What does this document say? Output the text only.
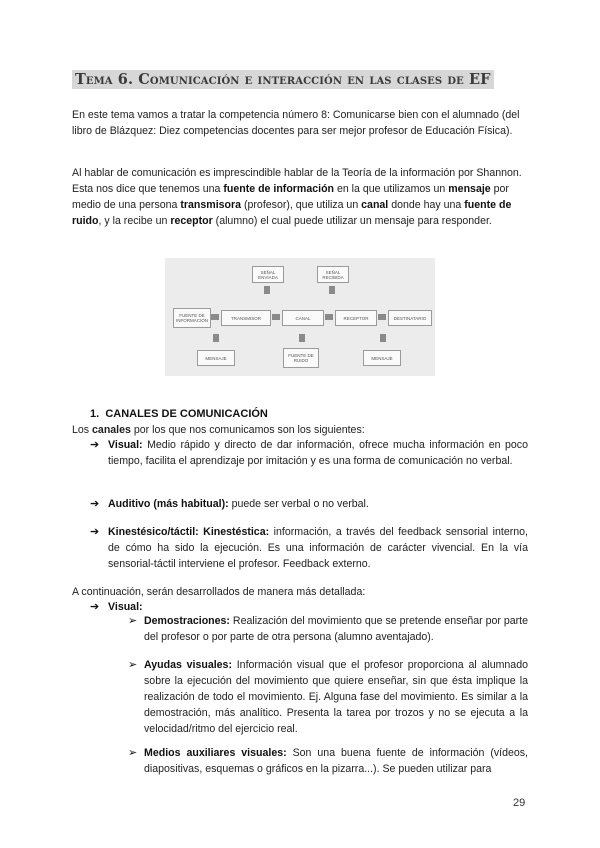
Tema 6. Comunicación e interacción en las clases de EF

En este tema vamos a tratar la competencia número 8: Comunicarse bien con el alumnado (del libro de Blázquez: Diez competencias docentes para ser mejor profesor de Educación Física).

Al hablar de comunicación es imprescindible hablar de la Teoría de la información por Shannon. Esta nos dice que tenemos una fuente de información en la que utilizamos un mensaje por medio de una persona transmisora (profesor), que utiliza un canal donde hay una fuente de ruido, y la recibe un receptor (alumno) el cual puede utilizar un mensaje para responder.

SEÑAL ENVIADA
SEÑAL RECIBIDA
FUENTE DE INFORMACIÓN	TRANSMISOR	CANAL	RECEPTOR	DESTINATARIO
MENSAJE	FUENTE DE RUIDO	MENSAJE
1. CANALES DE COMUNICACIÓN
Los canales por los que nos comunicamos son los siguientes:
➔ Visual: Medio rápido y directo de dar información, ofrece mucha información en poco tiempo, facilita el aprendizaje por imitación y es una forma de comunicación no verbal.

➔ Auditivo (más habitual): puede ser verbal o no verbal.

➔ Kinestésico/táctil: Kinestéstica: información, a través del feedback sensorial interno, de cómo ha sido la ejecución. Es una información de carácter vivencial. En la vía sensorial-táctil interviene el profesor. Feedback externo.

A continuación, serán desarrollados de manera más detallada:
➔ Visual:
➢ Demostraciones: Realización del movimiento que se pretende enseñar por parte del profesor o por parte de otra persona (alumno aventajado).

➢ Ayudas visuales: Información visual que el profesor proporciona al alumnado sobre la ejecución del movimiento que quiere enseñar, sin que ésta implique la realización de todo el movimiento. Ej. Alguna fase del movimiento. Es similar a la demostración, más analítico. Presenta la tarea por trozos y no se ejecuta a la velocidad/ritmo del ejercicio real.

➢ Medios auxiliares visuales: Son una buena fuente de información (vídeos, diapositivas, esquemas o gráficos en la pizarra...). Se pueden utilizar para

29
